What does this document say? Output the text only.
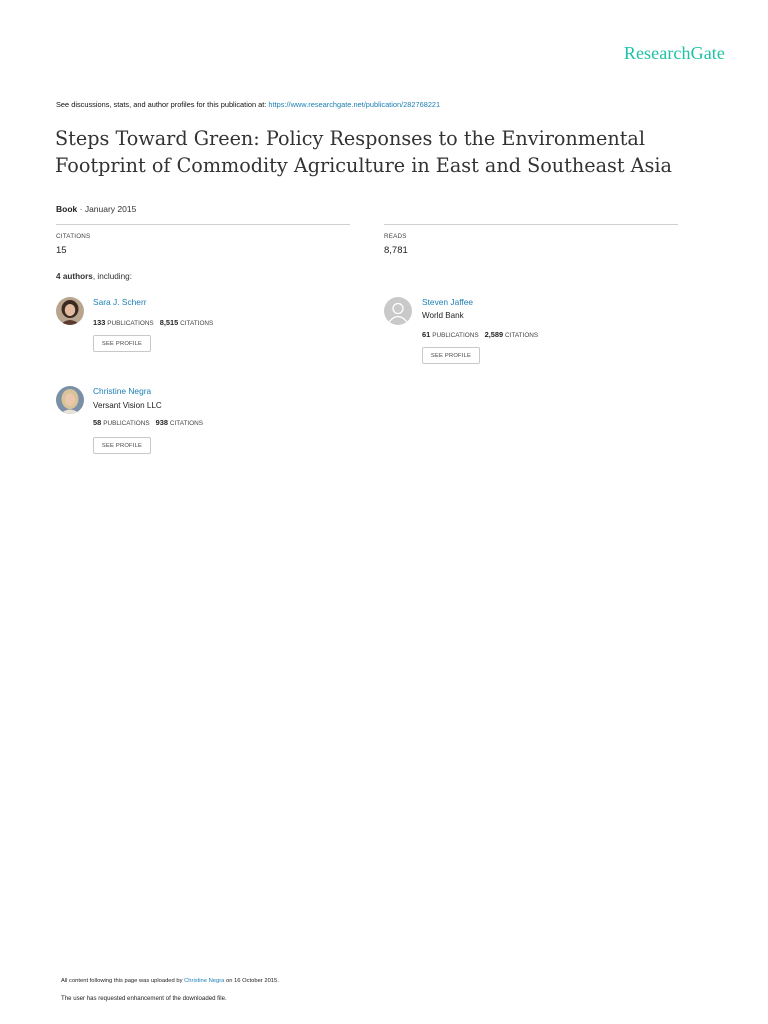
ResearchGate
See discussions, stats, and author profiles for this publication at: https://www.researchgate.net/publication/282768221
Steps Toward Green: Policy Responses to the Environmental Footprint of Commodity Agriculture in East and Southeast Asia
Book · January 2015
CITATIONS
15
READS
8,781
4 authors, including:
Sara J. Scherr
133 PUBLICATIONS 8,515 CITATIONS
SEE PROFILE
Steven Jaffee
World Bank
61 PUBLICATIONS 2,589 CITATIONS
SEE PROFILE
Christine Negra
Versant Vision LLC
58 PUBLICATIONS 938 CITATIONS
SEE PROFILE
All content following this page was uploaded by Christine Negra on 16 October 2015.
The user has requested enhancement of the downloaded file.
